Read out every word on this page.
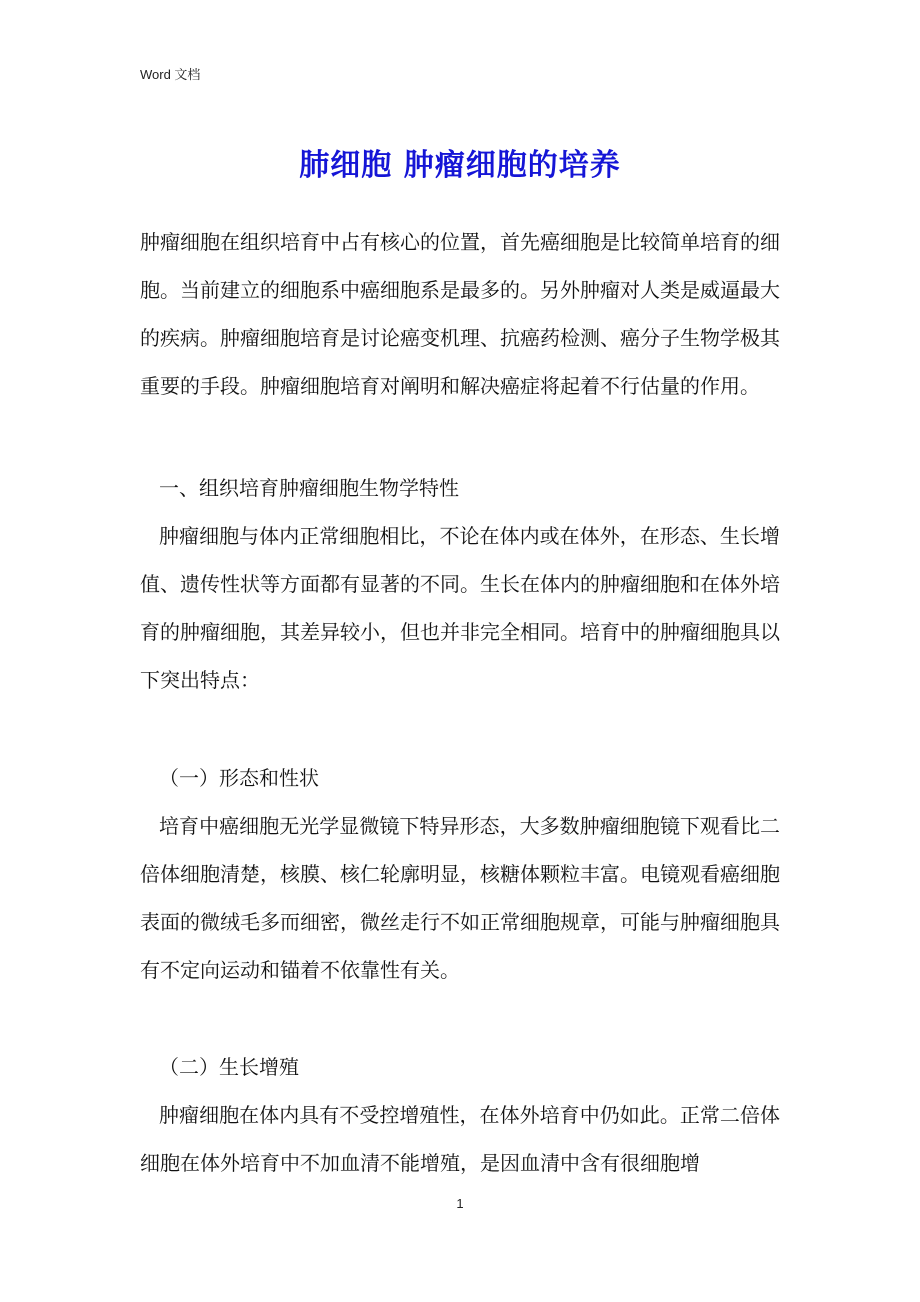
Word 文档
肺细胞 肿瘤细胞的培养

肿瘤细胞在组织培育中占有核心的位置，首先癌细胞是比较简单培育的细胞。当前建立的细胞系中癌细胞系是最多的。另外肿瘤对人类是威逼最大的疾病。肿瘤细胞培育是讨论癌变机理、抗癌药检测、癌分子生物学极其重要的手段。肿瘤细胞培育对阐明和解决癌症将起着不行估量的作用。

一、组织培育肿瘤细胞生物学特性

肿瘤细胞与体内正常细胞相比，不论在体内或在体外，在形态、生长增值、遗传性状等方面都有显著的不同。生长在体内的肿瘤细胞和在体外培育的肿瘤细胞，其差异较小，但也并非完全相同。培育中的肿瘤细胞具以下突出特点：

（一）形态和性状

培育中癌细胞无光学显微镜下特异形态，大多数肿瘤细胞镜下观看比二倍体细胞清楚，核膜、核仁轮廓明显，核糖体颗粒丰富。电镜观看癌细胞表面的微绒毛多而细密，微丝走行不如正常细胞规章，可能与肿瘤细胞具有不定向运动和锚着不依靠性有关。

（二）生长增殖

肿瘤细胞在体内具有不受控增殖性，在体外培育中仍如此。正常二倍体细胞在体外培育中不加血清不能增殖，是因血清中含有很细胞增

1
